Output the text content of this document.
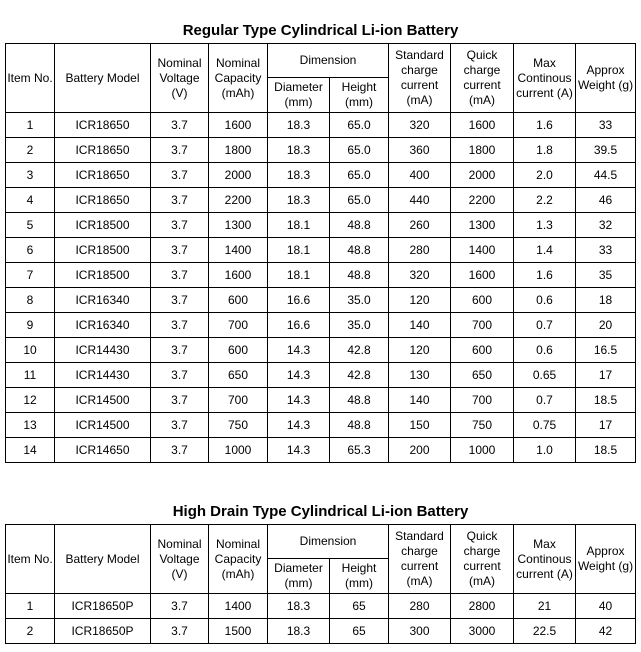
Regular Type Cylindrical Li-ion Battery
Item No.	Battery Model	Nominal Voltage (V)	Nominal Capacity (mAh)	Dimension		Standard charge current (mA)	Quick charge current (mA)	Max Continous current (A)	Approx Weight (g)
				Diameter (mm)	Height (mm)				
1	ICR18650	3.7	1600	18.3	65.0	320	1600	1.6	33
2	ICR18650	3.7	1800	18.3	65.0	360	1800	1.8	39.5
3	ICR18650	3.7	2000	18.3	65.0	400	2000	2.0	44.5
4	ICR18650	3.7	2200	18.3	65.0	440	2200	2.2	46
5	ICR18500	3.7	1300	18.1	48.8	260	1300	1.3	32
6	ICR18500	3.7	1400	18.1	48.8	280	1400	1.4	33
7	ICR18500	3.7	1600	18.1	48.8	320	1600	1.6	35
8	ICR16340	3.7	600	16.6	35.0	120	600	0.6	18
9	ICR16340	3.7	700	16.6	35.0	140	700	0.7	20
10	ICR14430	3.7	600	14.3	42.8	120	600	0.6	16.5
11	ICR14430	3.7	650	14.3	42.8	130	650	0.65	17
12	ICR14500	3.7	700	14.3	48.8	140	700	0.7	18.5
13	ICR14500	3.7	750	14.3	48.8	150	750	0.75	17
14	ICR14650	3.7	1000	14.3	65.3	200	1000	1.0	18.5
High Drain Type Cylindrical Li-ion Battery
Item No.	Battery Model	Nominal Voltage (V)	Nominal Capacity (mAh)	Dimension		Standard charge current (mA)	Quick charge current (mA)	Max Continous current (A)	Approx Weight (g)
				Diameter (mm)	Height (mm)				
1	ICR18650P	3.7	1400	18.3	65	280	2800	21	40
2	ICR18650P	3.7	1500	18.3	65	300	3000	22.5	42
